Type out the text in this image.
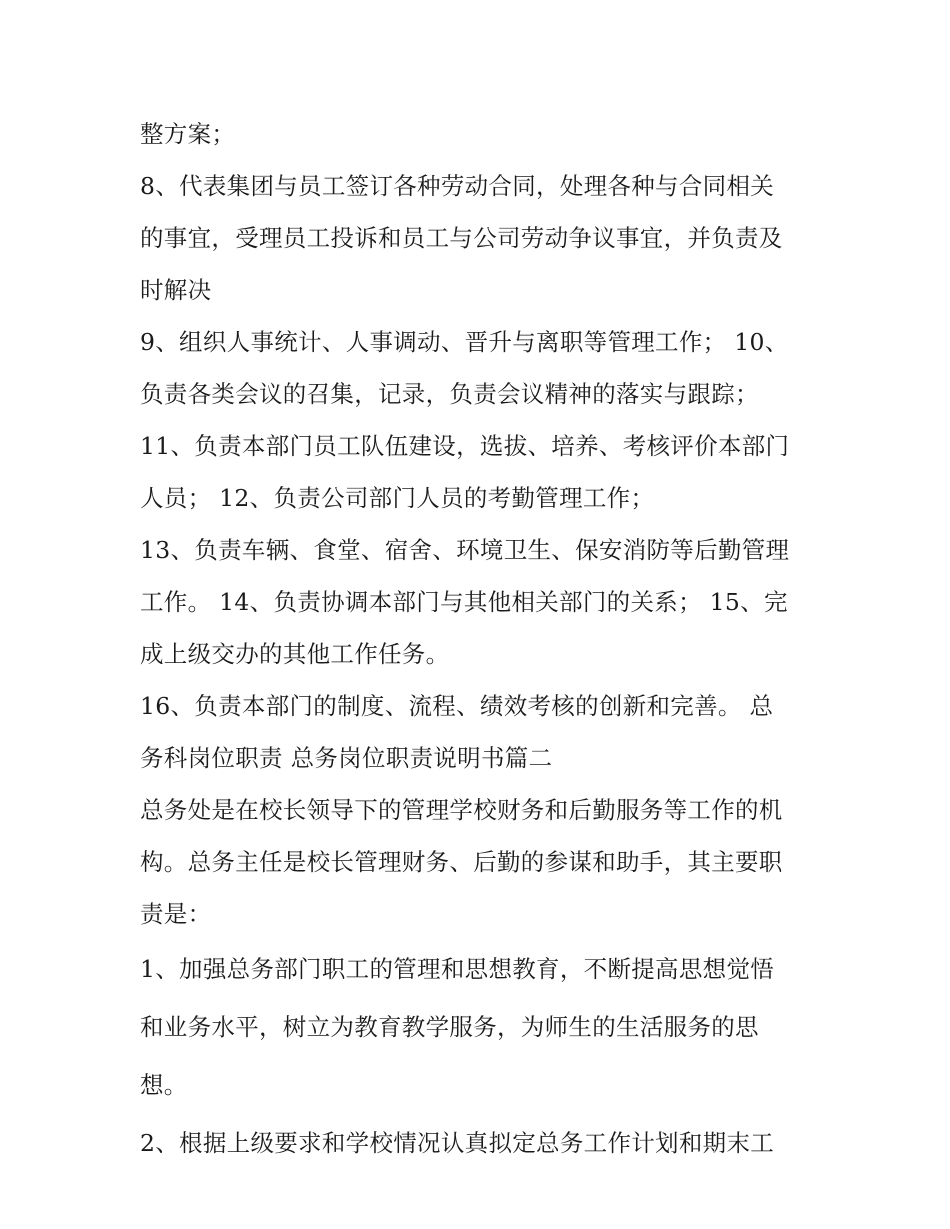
整方案；
8、代表集团与员工签订各种劳动合同，处理各种与合同相关
的事宜，受理员工投诉和员工与公司劳动争议事宜，并负责及
时解决
9、组织人事统计、人事调动、晋升与离职等管理工作； 10、
负责各类会议的召集，记录，负责会议精神的落实与跟踪；
11、负责本部门员工队伍建设，选拔、培养、考核评价本部门
人员； 12、负责公司部门人员的考勤管理工作；
13、负责车辆、食堂、宿舍、环境卫生、保安消防等后勤管理
工作。 14、负责协调本部门与其他相关部门的关系； 15、完
成上级交办的其他工作任务。
16、负责本部门的制度、流程、绩效考核的创新和完善。 总
务科岗位职责 总务岗位职责说明书篇二
总务处是在校长领导下的管理学校财务和后勤服务等工作的机
构。总务主任是校长管理财务、后勤的参谋和助手，其主要职
责是：
1、加强总务部门职工的管理和思想教育，不断提高思想觉悟
和业务水平，树立为教育教学服务，为师生的生活服务的思
想。
2、根据上级要求和学校情况认真拟定总务工作计划和期末工
